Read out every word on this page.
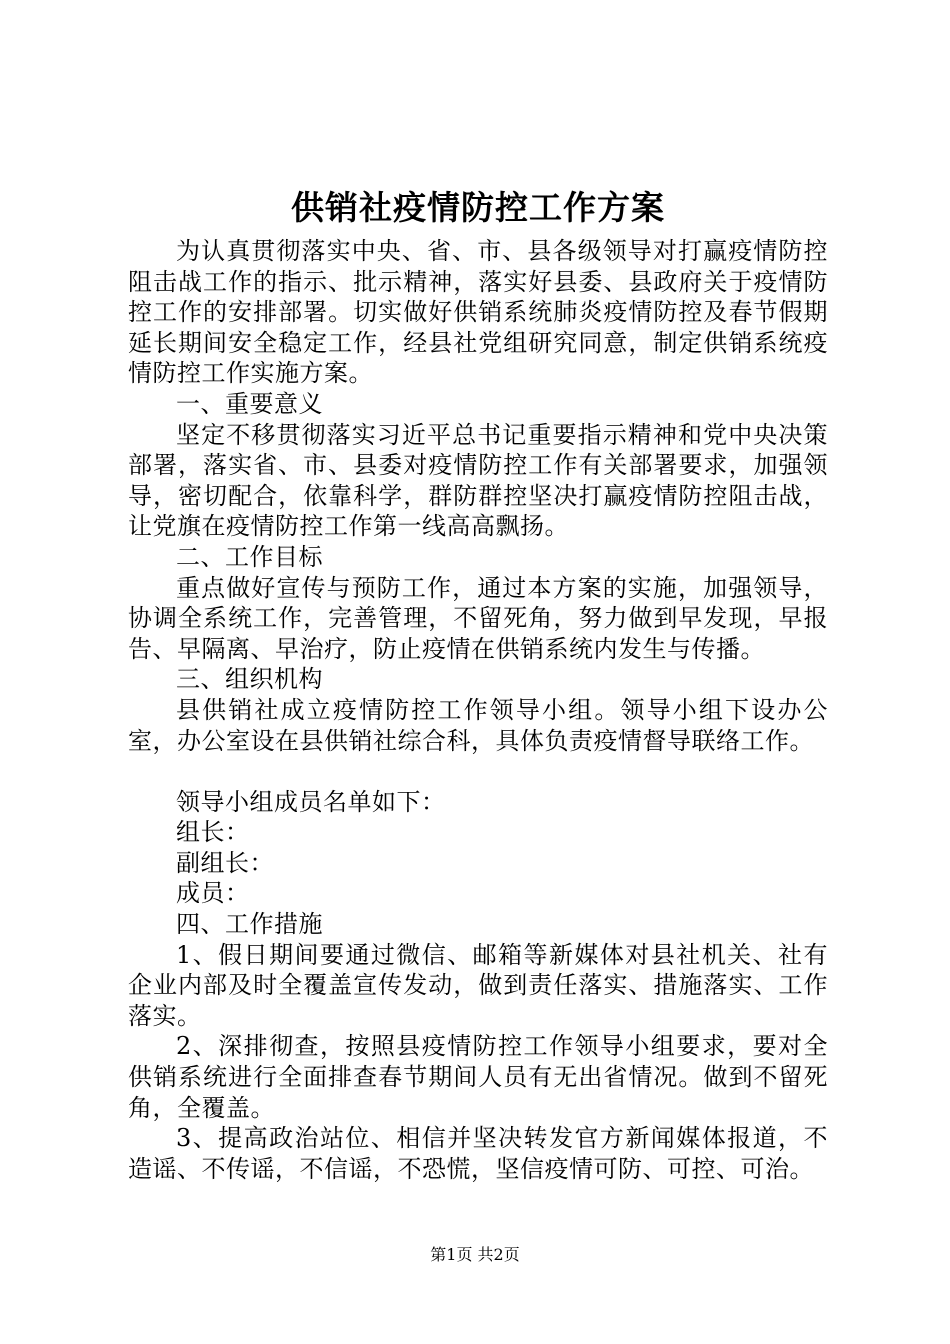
供销社疫情防控工作方案

为认真贯彻落实中央、省、市、县各级领导对打赢疫情防控阻击战工作的指示、批示精神，落实好县委、县政府关于疫情防控工作的安排部署。切实做好供销系统肺炎疫情防控及春节假期延长期间安全稳定工作，经县社党组研究同意，制定供销系统疫情防控工作实施方案。

一、重要意义

坚定不移贯彻落实习近平总书记重要指示精神和党中央决策部署，落实省、市、县委对疫情防控工作有关部署要求，加强领导，密切配合，依靠科学，群防群控坚决打赢疫情防控阻击战，让党旗在疫情防控工作第一线高高飘扬。

二、工作目标

重点做好宣传与预防工作，通过本方案的实施，加强领导，协调全系统工作，完善管理，不留死角，努力做到早发现，早报告、早隔离、早治疗，防止疫情在供销系统内发生与传播。

三、组织机构

县供销社成立疫情防控工作领导小组。领导小组下设办公室，办公室设在县供销社综合科，具体负责疫情督导联络工作。

领导小组成员名单如下：

组长：

副组长：

成员：

四、工作措施

1、假日期间要通过微信、邮箱等新媒体对县社机关、社有企业内部及时全覆盖宣传发动，做到责任落实、措施落实、工作落实。

2、深排彻查，按照县疫情防控工作领导小组要求，要对全供销系统进行全面排查春节期间人员有无出省情况。做到不留死角，全覆盖。

3、提高政治站位、相信并坚决转发官方新闻媒体报道，不造谣、不传谣，不信谣，不恐慌，坚信疫情可防、可控、可治。

第1页 共2页
